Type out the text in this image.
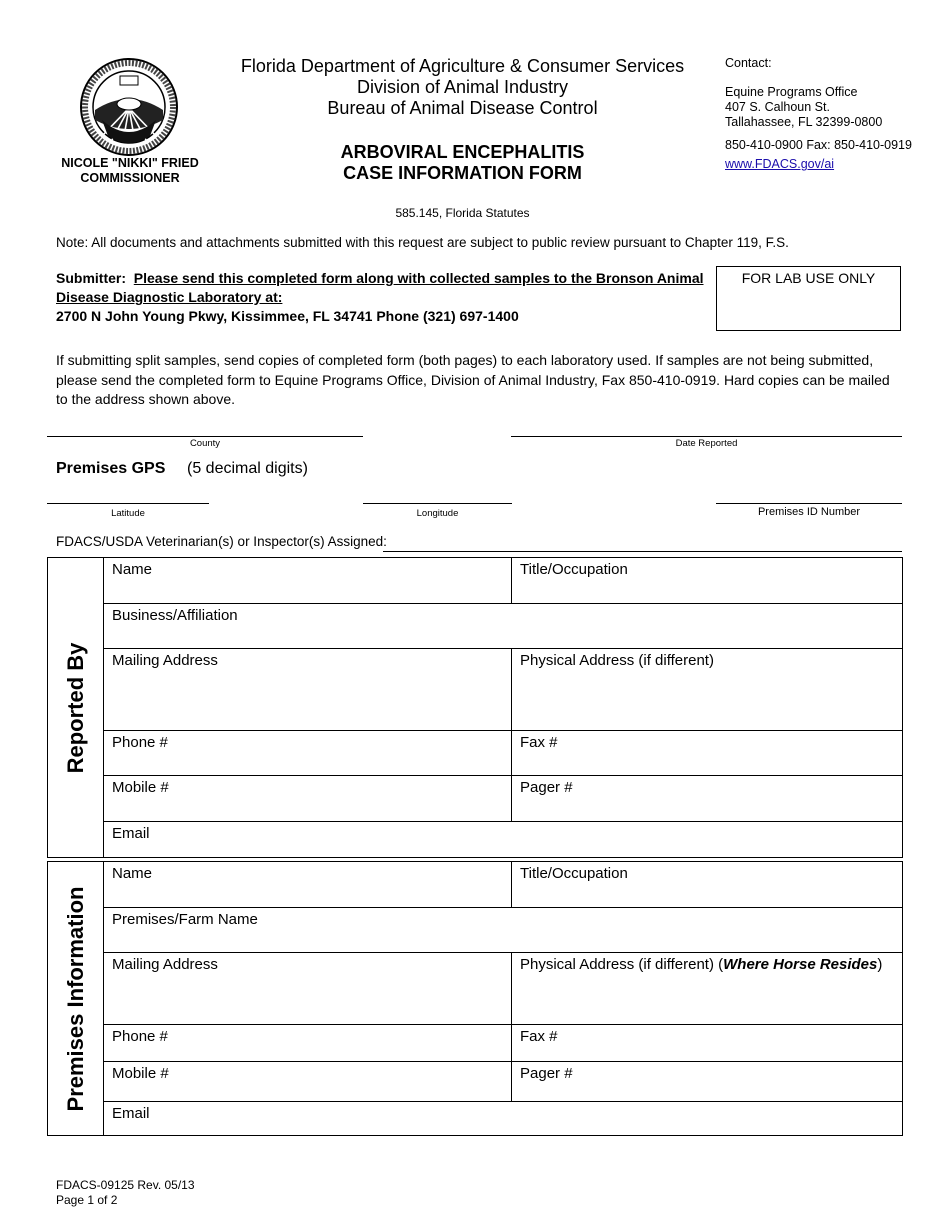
NICOLE "NIKKI" FRIED
COMMISSIONER
Florida Department of Agriculture & Consumer Services
Division of Animal Industry
Bureau of Animal Disease Control
ARBOVIRAL ENCEPHALITIS
CASE INFORMATION FORM
Contact:
Equine Programs Office
407 S. Calhoun St.
Tallahassee, FL 32399-0800
850-410-0900 Fax: 850-410-0919
www.FDACS.gov/ai
585.145, Florida Statutes
Note: All documents and attachments submitted with this request are subject to public review pursuant to Chapter 119, F.S.
Submitter: Please send this completed form along with collected samples to the Bronson Animal Disease Diagnostic Laboratory at:
2700 N John Young Pkwy, Kissimmee, FL 34741 Phone (321) 697-1400
FOR LAB USE ONLY
If submitting split samples, send copies of completed form (both pages) to each laboratory used. If samples are not being submitted, please send the completed form to Equine Programs Office, Division of Animal Industry, Fax 850-410-0919. Hard copies can be mailed to the address shown above.
County	Date Reported
Premises GPS (5 decimal digits)
Latitude	Longitude	Premises ID Number
FDACS/USDA Veterinarian(s) or Inspector(s) Assigned:
Reported By	Name	Title/Occupation
	Business/Affiliation	
	Mailing Address	Physical Address (if different)
	Phone #	Fax #
	Mobile #	Pager #
	Email	
Premises Information	Name	Title/Occupation
	Premises/Farm Name	
	Mailing Address	Physical Address (if different) (Where Horse Resides)
	Phone #	Fax #
	Mobile #	Pager #
	Email	
FDACS-09125 Rev. 05/13
Page 1 of 2
